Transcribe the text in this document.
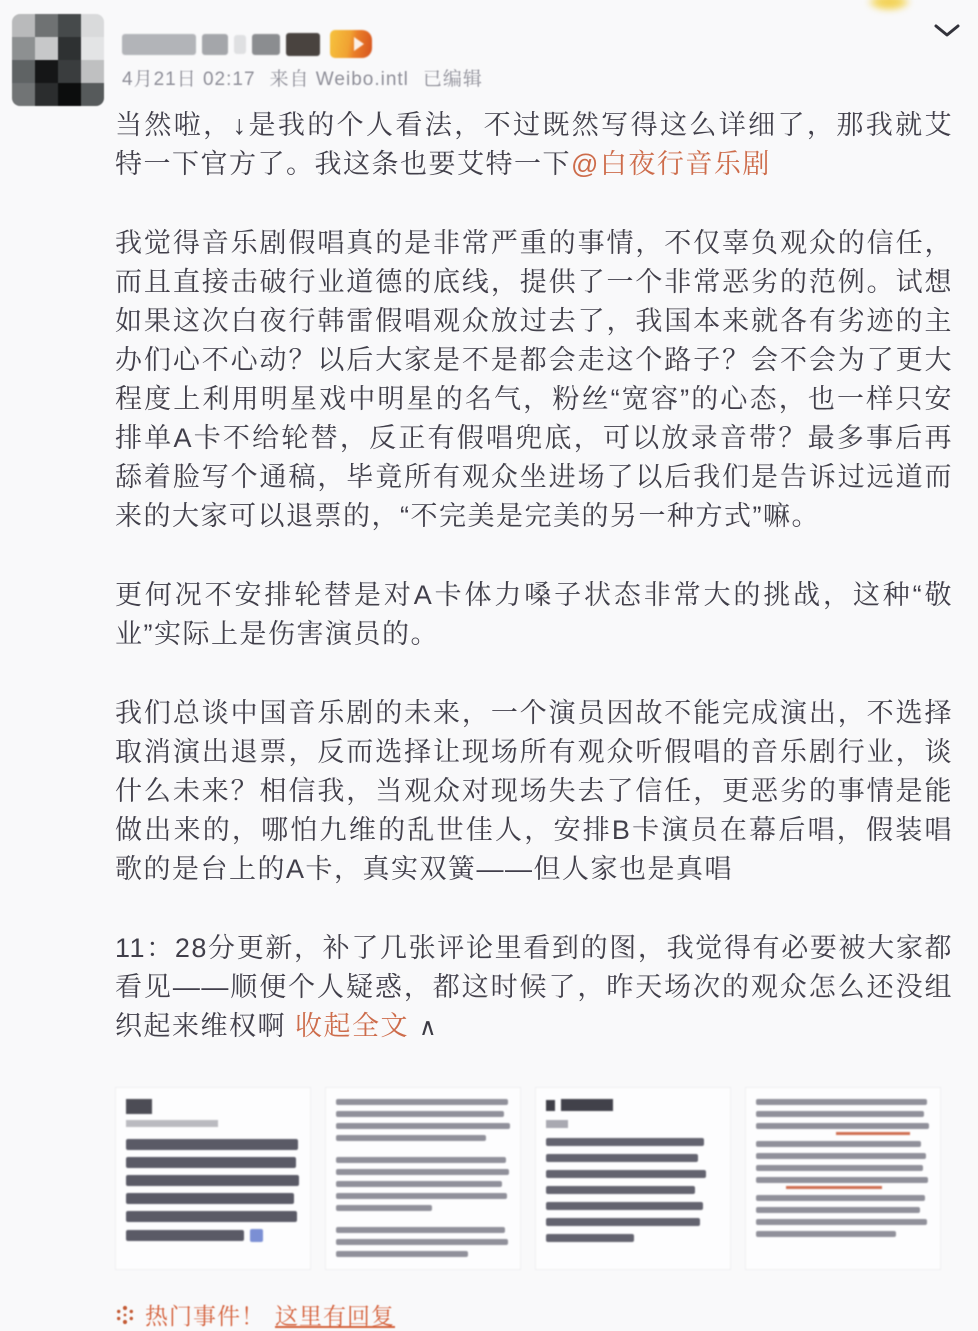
4月21日 02:17 来自 Weibo.intl 已编辑

当然啦，↓是我的个人看法，不过既然写得这么详细了，那我就艾特一下官方了。我这条也要艾特一下@白夜行音乐剧

我觉得音乐剧假唱真的是非常严重的事情，不仅辜负观众的信任，而且直接击破行业道德的底线，提供了一个非常恶劣的范例。试想如果这次白夜行韩雷假唱观众放过去了，我国本来就各有劣迹的主办们心不心动？以后大家是不是都会走这个路子？会不会为了更大程度上利用明星戏中明星的名气，粉丝“宽容”的心态，也一样只安排单A卡不给轮替，反正有假唱兜底，可以放录音带？最多事后再舔着脸写个通稿，毕竟所有观众坐进场了以后我们是告诉过远道而来的大家可以退票的，“不完美是完美的另一种方式”嘛。

更何况不安排轮替是对A卡体力嗓子状态非常大的挑战，这种“敬业”实际上是伤害演员的。

我们总谈中国音乐剧的未来，一个演员因故不能完成演出，不选择取消演出退票，反而选择让现场所有观众听假唱的音乐剧行业，谈什么未来？相信我，当观众对现场失去了信任，更恶劣的事情是能做出来的，哪怕九维的乱世佳人，安排B卡演员在幕后唱，假装唱歌的是台上的A卡，真实双簧——但人家也是真唱

11：28分更新，补了几张评论里看到的图，我觉得有必要被大家都看见——顺便个人疑惑，都这时候了，昨天场次的观众怎么还没组织起来维权啊 收起全文 ∧

热门事件！ 这里有回复
